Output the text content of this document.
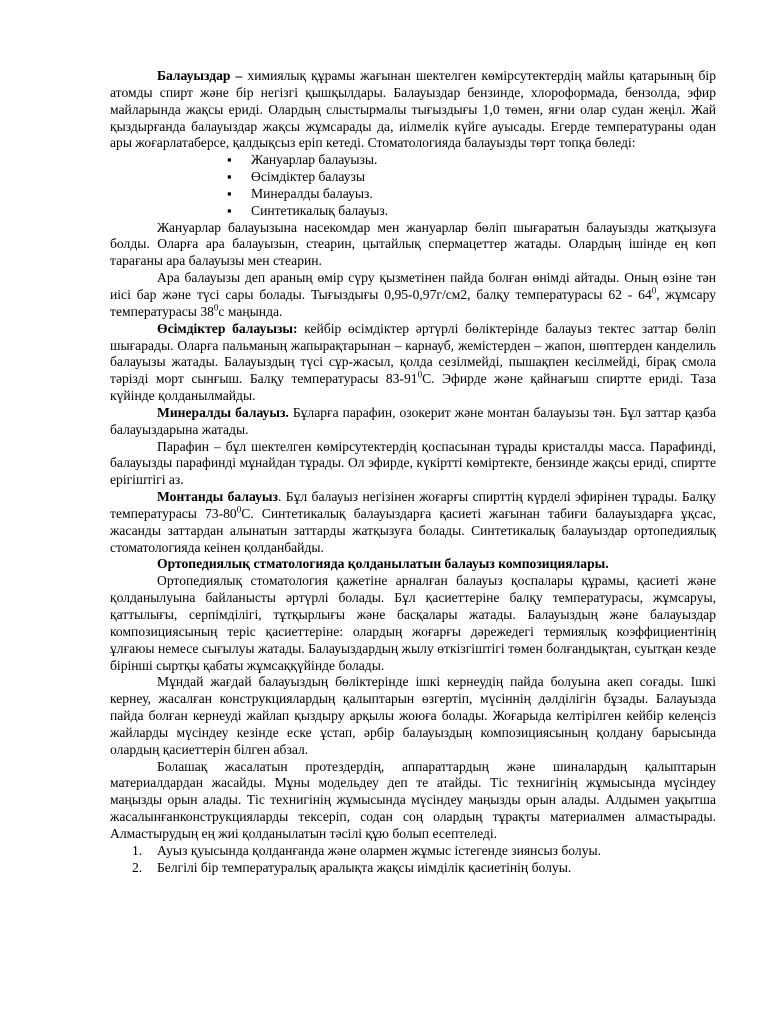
Балауыздар – химиялық құрамы жағынан шектелген көмірсутектердің майлы қатарының бір атомды спирт және бір негізгі қышқылдары. Балауыздар бензинде, хлороформада, бензолда, эфир майларында жақсы ериді. Олардың слыстырмалы тығыздығы 1,0 төмен, яғни олар судан жеңіл. Жай қыздырғанда балауыздар жақсы жұмсарады да, иілмелік күйге ауысады. Егерде температураны одан ары жоғарлатаберсе, қалдықсыз еріп кетеді. Стоматологияда балауызды төрт топқа бөледі:

▪ Жануарлар балауызы.
▪ Өсімдіктер балаузы
▪ Минералды балауыз.
▪ Синтетикалық балауыз.

Жануарлар балауызына насекомдар мен жануарлар бөліп шығаратын балауызды жатқызуға болды. Оларға ара балауызын, стеарин, цытайлық спермацеттер жатады. Олардың ішінде ең көп тарағаны ара балауызы мен стеарин.

Ара балауызы деп араның өмір сүру қызметінен пайда болған өнімді айтады. Оның өзіне тән иісі бар және түсі сары болады. Тығыздығы 0,95-0,97г/см2, балқу температурасы $62 - 64^0$, жұмсару температурасы $38^0с$ маңында.

Өсімдіктер балауызы: кейбір өсімдіктер әртүрлі бөліктерінде балауыз тектес заттар бөліп шығарады. Оларға пальманың жапырақтарынан – карнауб, жемістерден – жапон, шөптерден канделиль балауызы жатады. Балауыздың түсі сұр-жасыл, қолда сезілмейді, пышақпен кесілмейді, бірақ смола тәрізді морт сынғыш. Балқу температурасы $83-91^0С$. Эфирде және қайнағыш спиртте ериді. Таза күйінде қолданылмайды.

Минералды балауыз. Бұларға парафин, озокерит және монтан балауызы тән. Бұл заттар қазба балауыздарына жатады.

Парафин – бұл шектелген көмірсутектердің қоспасынан тұрады кристалды масса. Парафинді, балауызды парафинді мұнайдан тұрады. Ол эфирде, күкіртті көміртекте, бензинде жақсы ериді, спиртте ерігіштігі аз.

Монтанды балауыз. Бұл балауыз негізінен жоғарғы спирттің күрделі эфирінен тұрады. Балқу температурасы $73-80^0С$. Синтетикалық балауыздарға қасиеті жағынан табиғи балауыздарға ұқсас, жасанды заттардан алынатын заттарды жатқызуға болады. Синтетикалық балауыздар ортопедиялық стоматологияда кеінен қолданбайды.

Ортопедиялық стматологияда қолданылатын балауыз композициялары.

Ортопедиялық стоматология қажетіне арналған балауыз қоспалары құрамы, қасиеті және қолданылуына байланысты әртүрлі болады. Бұл қасиеттеріне балқу температурасы, жұмсаруы, қаттылығы, серпімділігі, тұтқырлығы және басқалары жатады. Балауыздың және балауыздар композициясының теріс қасиеттеріне: олардың жоғарғы дәрежедегі термиялық коэффициентінің ұлғаюы немесе сығылуы жатады. Балауыздардың жылу өткізгіштігі төмен болғандықтан, суытқан кезде бірінші сыртқы қабаты жұмсаққүйінде болады.

Мұндай жағдай балауыздың бөліктерінде ішкі кернеудің пайда болуына акеп соғады. Ішкі кернеу, жасалған конструкциялардың қалыптарын өзгертіп, мүсіннің дәлділігін бұзады. Балауызда пайда болған кернеуді жайлап қыздыру арқылы жоюға болады. Жоғарыда келтірілген кейбір келеңсіз жайларды мүсіндеу кезінде еске ұстап, әрбір балауыздың композициясының қолдану барысында олардың қасиеттерін білген абзал.

Болашақ жасалатын протездердің, аппараттардың және шиналардың қалыптарын материалдардан жасайды. Мұны модельдеу деп те атайды. Тіс технигінің жұмысында мүсіндеу маңызды орын алады. Тіс технигінің жұмысында мүсіндеу маңызды орын алады. Алдымен уақытша жасалынғанконструкцияларды тексеріп, содан соң олардың тұрақты материалмен алмастырады. Алмастырудың ең жиі қолданылатын тәсілі құю болып есептеледі.

1.	Ауыз қуысында қолданғанда және олармен жұмыс істегенде зиянсыз болуы.
2.	Белгілі бір температуралық аралықта жақсы иімділік қасиетінің болуы.
